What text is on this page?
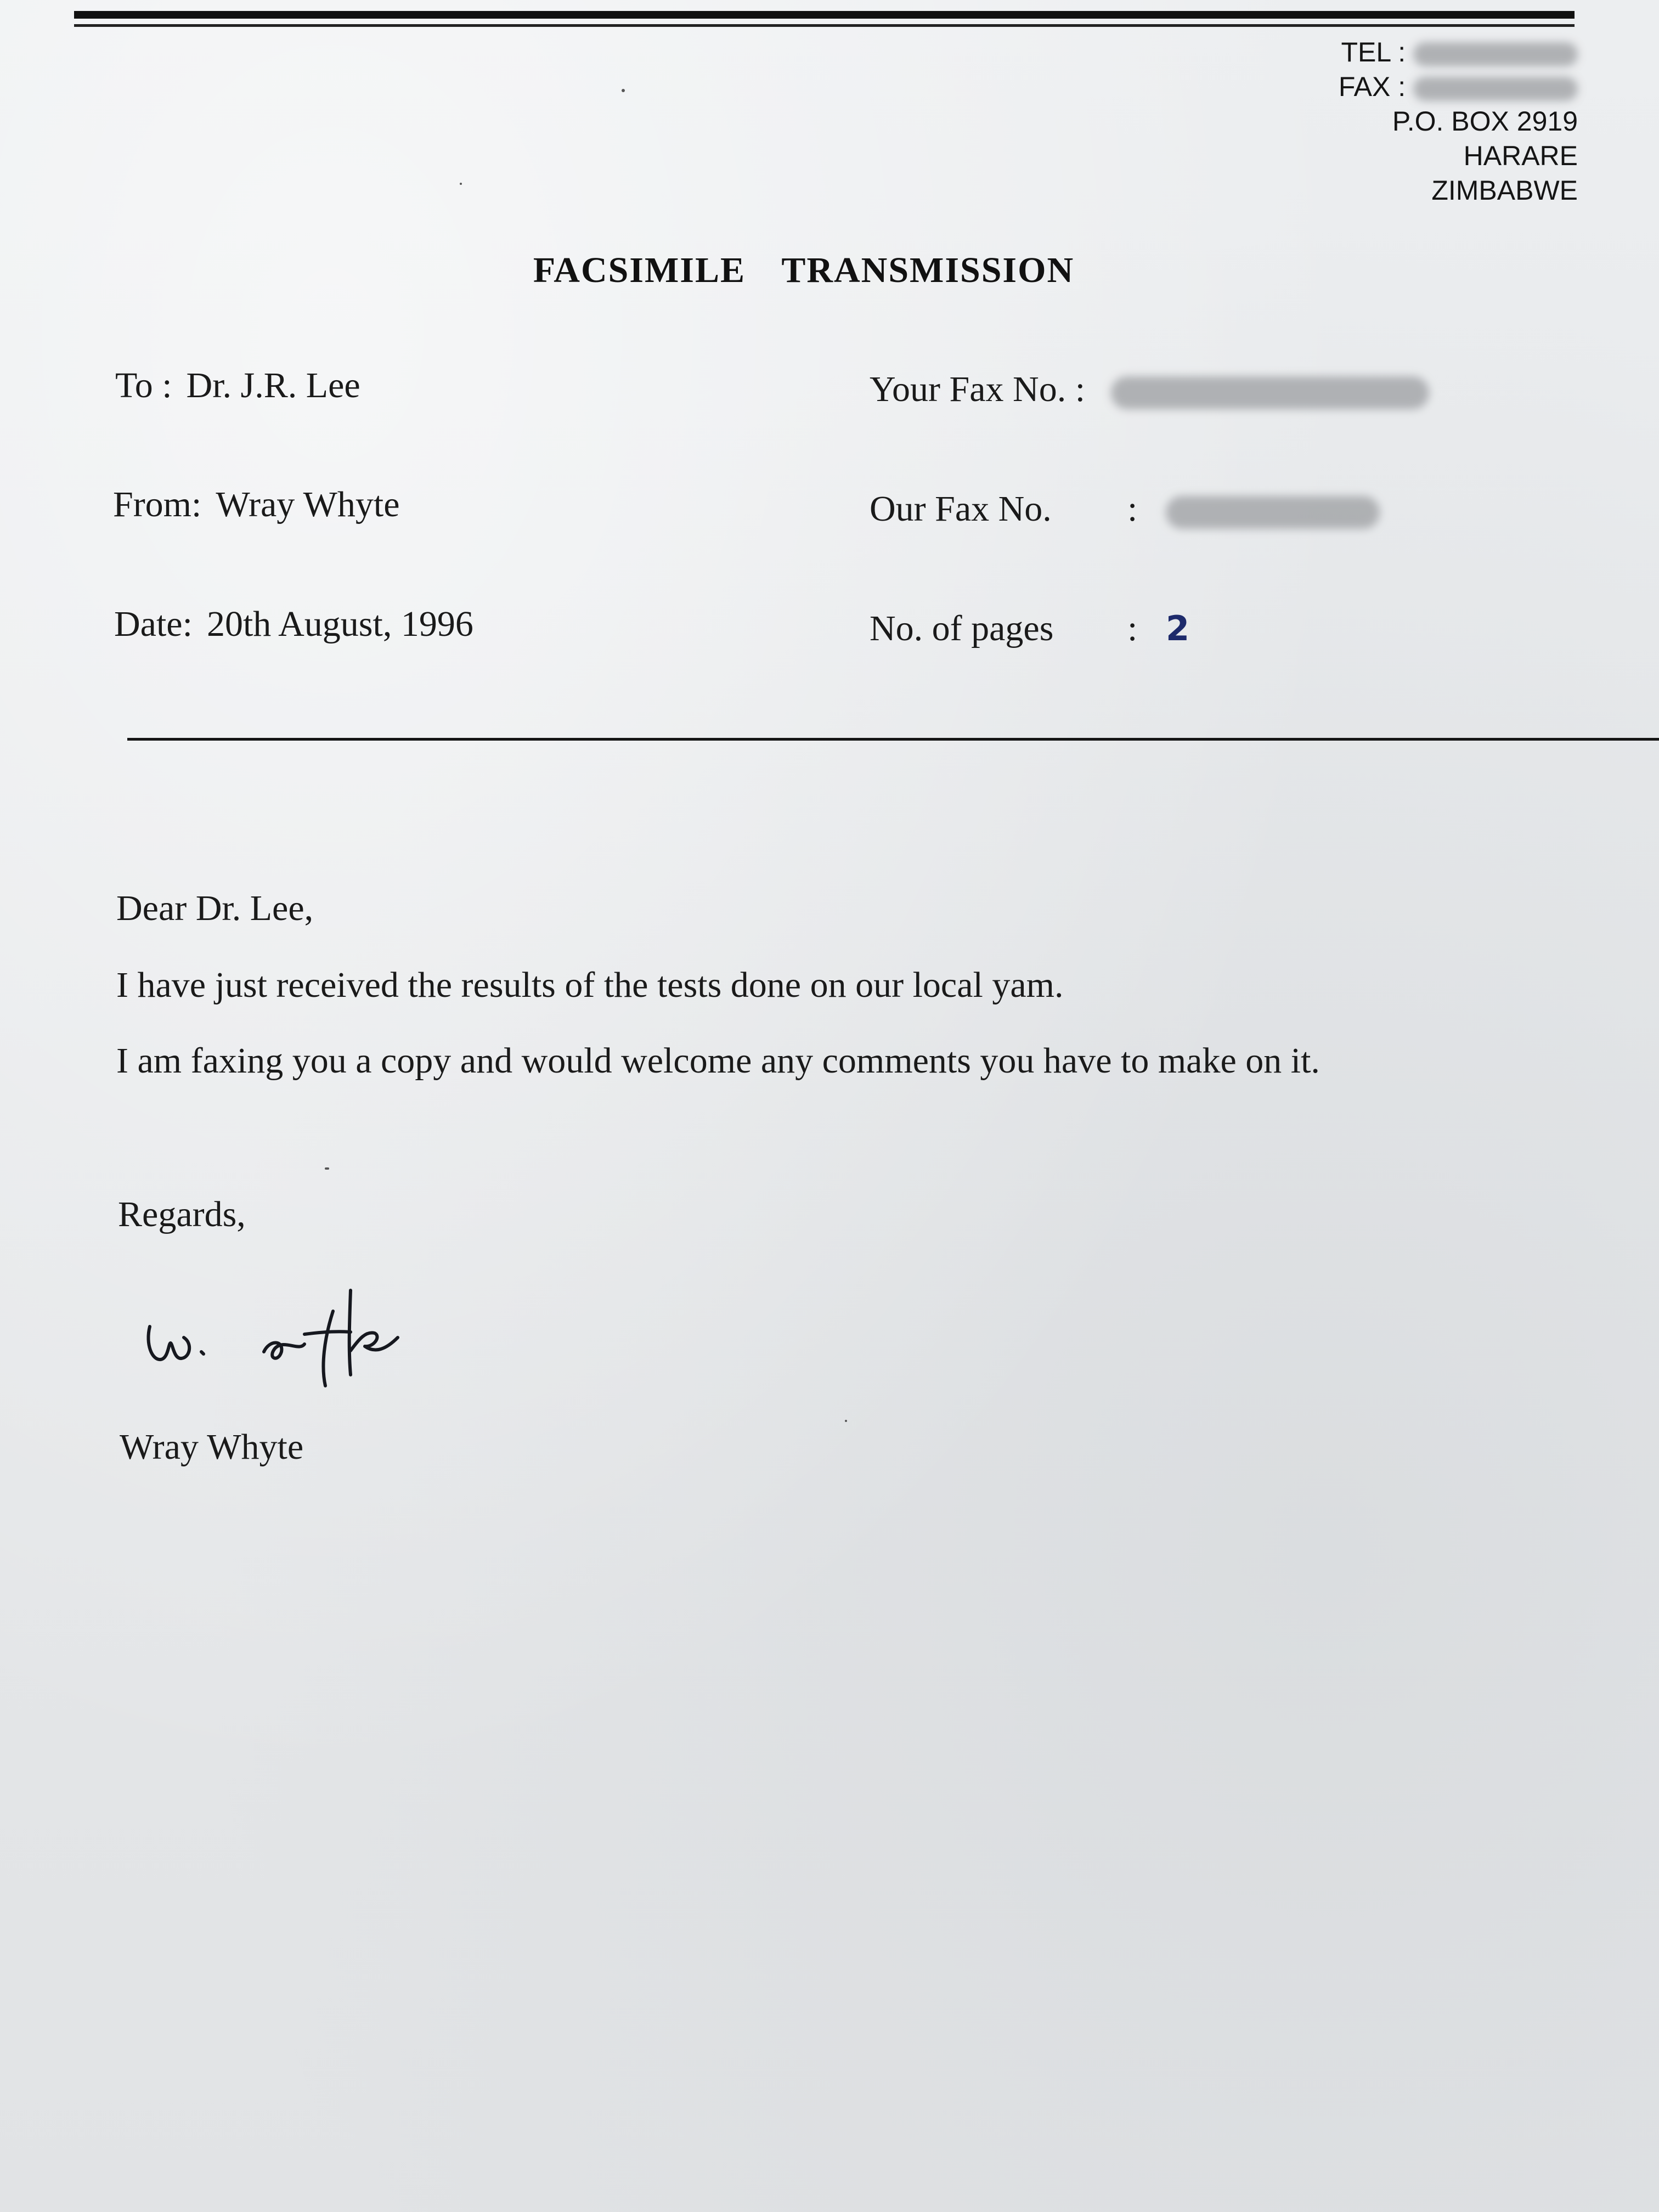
TEL :
FAX :
P.O. BOX 2919
HARARE
ZIMBABWE
FACSIMILE TRANSMISSION
To : Dr. J.R. Lee
From: Wray Whyte
Date: 20th August, 1996
Your Fax No. :
Our Fax No. :
No. of pages : 2
Dear Dr. Lee,
I have just received the results of the tests done on our local yam.
I am faxing you a copy and would welcome any comments you have to make on it.
Regards,
Wray Whyte
